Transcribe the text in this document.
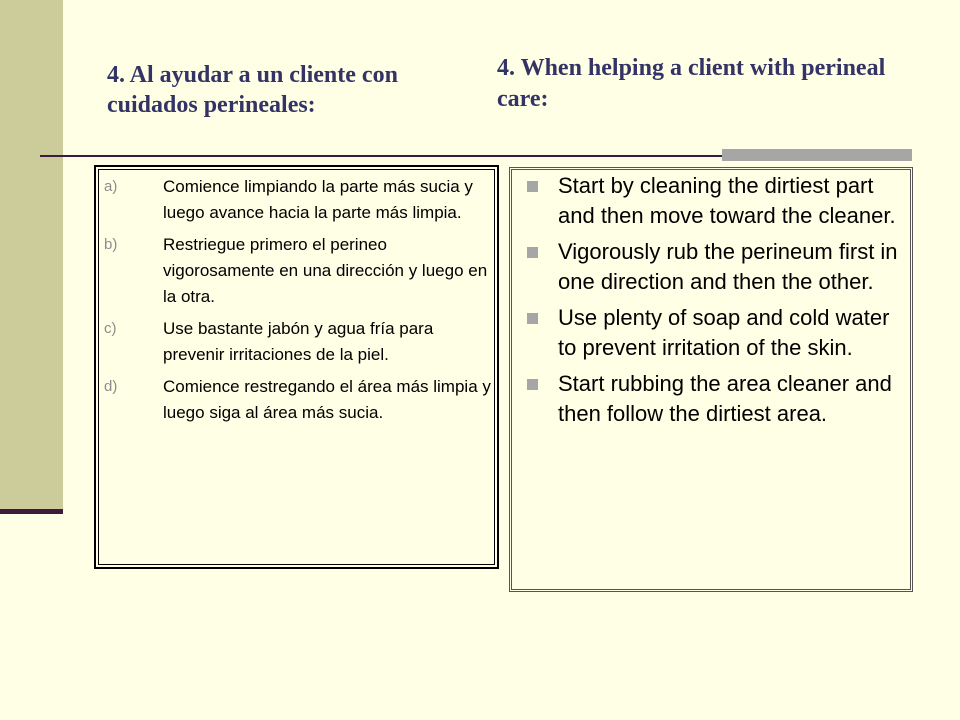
4. Al ayudar a un cliente con cuidados perineales:
4. When helping a client with perineal care:
a)	Comience limpiando la parte más sucia y luego avance hacia la parte más limpia.
b)	Restriegue primero el perineo vigorosamente en una dirección y luego en la otra.
c)	Use bastante jabón y agua fría para prevenir irritaciones de la piel.
d)	Comience restregando el área más limpia y luego siga al área más sucia.
Start by cleaning the dirtiest part and then move toward the cleaner.
Vigorously rub the perineum first in one direction and then the other.
Use plenty of soap and cold water to prevent irritation of the skin.
Start rubbing the area cleaner and then follow the dirtiest area.
